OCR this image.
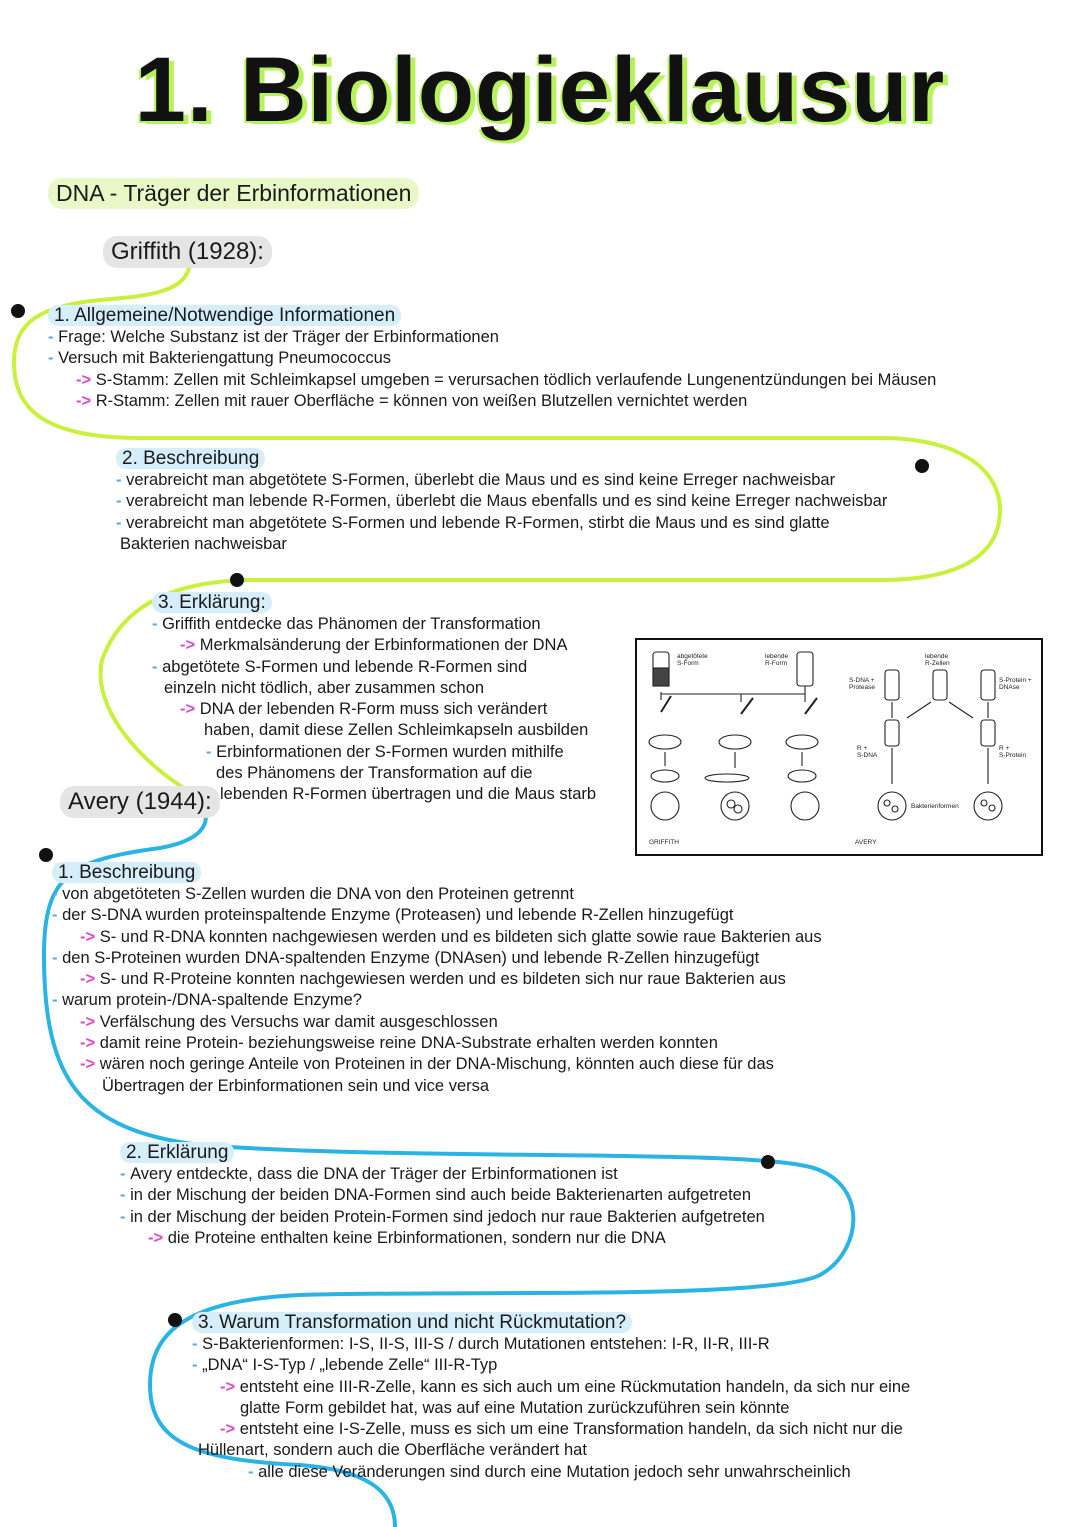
1. Biologieklausur
DNA - Träger der Erbinformationen
Griffith (1928):
1. Allgemeine/Notwendige Informationen
- Frage: Welche Substanz ist der Träger der Erbinformationen
- Versuch mit Bakteriengattung Pneumococcus
-> S-Stamm: Zellen mit Schleimkapsel umgeben = verursachen tödlich verlaufende Lungenentzündungen bei Mäusen
-> R-Stamm: Zellen mit rauer Oberfläche = können von weißen Blutzellen vernichtet werden
2. Beschreibung
- verabreicht man abgetötete S-Formen, überlebt die Maus und es sind keine Erreger nachweisbar
- verabreicht man lebende R-Formen, überlebt die Maus ebenfalls und es sind keine Erreger nachweisbar
- verabreicht man abgetötete S-Formen und lebende R-Formen, stirbt die Maus und es sind glatte
Bakterien nachweisbar
3. Erklärung:
- Griffith entdecke das Phänomen der Transformation
-> Merkmalsänderung der Erbinformationen der DNA
- abgetötete S-Formen und lebende R-Formen sind
einzeln nicht tödlich, aber zusammen schon
-> DNA der lebenden R-Form muss sich verändert
haben, damit diese Zellen Schleimkapseln ausbilden
- Erbinformationen der S-Formen wurden mithilfe
des Phänomens der Transformation auf die
lebenden R-Formen übertragen und die Maus starb
abgetötete
S-Form
lebende
R-Form
S-DNA +
Protease
lebende
R-Zellen
S-Protein +
DNAse
R +
S-DNA
R +
S-Protein
Bakterienformen
GRIFFITH	AVERY
Avery (1944):
1. Beschreibung
- von abgetöteten S-Zellen wurden die DNA von den Proteinen getrennt
- der S-DNA wurden proteinspaltende Enzyme (Proteasen) und lebende R-Zellen hinzugefügt
-> S- und R-DNA konnten nachgewiesen werden und es bildeten sich glatte sowie raue Bakterien aus
- den S-Proteinen wurden DNA-spaltenden Enzyme (DNAsen) und lebende R-Zellen hinzugefügt
-> S- und R-Proteine konnten nachgewiesen werden und es bildeten sich nur raue Bakterien aus
- warum protein-/DNA-spaltende Enzyme?
-> Verfälschung des Versuchs war damit ausgeschlossen
-> damit reine Protein- beziehungsweise reine DNA-Substrate erhalten werden konnten
-> wären noch geringe Anteile von Proteinen in der DNA-Mischung, könnten auch diese für das
Übertragen der Erbinformationen sein und vice versa
2. Erklärung
- Avery entdeckte, dass die DNA der Träger der Erbinformationen ist
- in der Mischung der beiden DNA-Formen sind auch beide Bakterienarten aufgetreten
- in der Mischung der beiden Protein-Formen sind jedoch nur raue Bakterien aufgetreten
-> die Proteine enthalten keine Erbinformationen, sondern nur die DNA
3. Warum Transformation und nicht Rückmutation?
- S-Bakterienformen: I-S, II-S, III-S / durch Mutationen entstehen: I-R, II-R, III-R
- „DNA“ I-S-Typ / „lebende Zelle“ III-R-Typ
-> entsteht eine III-R-Zelle, kann es sich auch um eine Rückmutation handeln, da sich nur eine
glatte Form gebildet hat, was auf eine Mutation zurückzuführen sein könnte
-> entsteht eine I-S-Zelle, muss es sich um eine Transformation handeln, da sich nicht nur die
Hüllenart, sondern auch die Oberfläche verändert hat
- alle diese Veränderungen sind durch eine Mutation jedoch sehr unwahrscheinlich
